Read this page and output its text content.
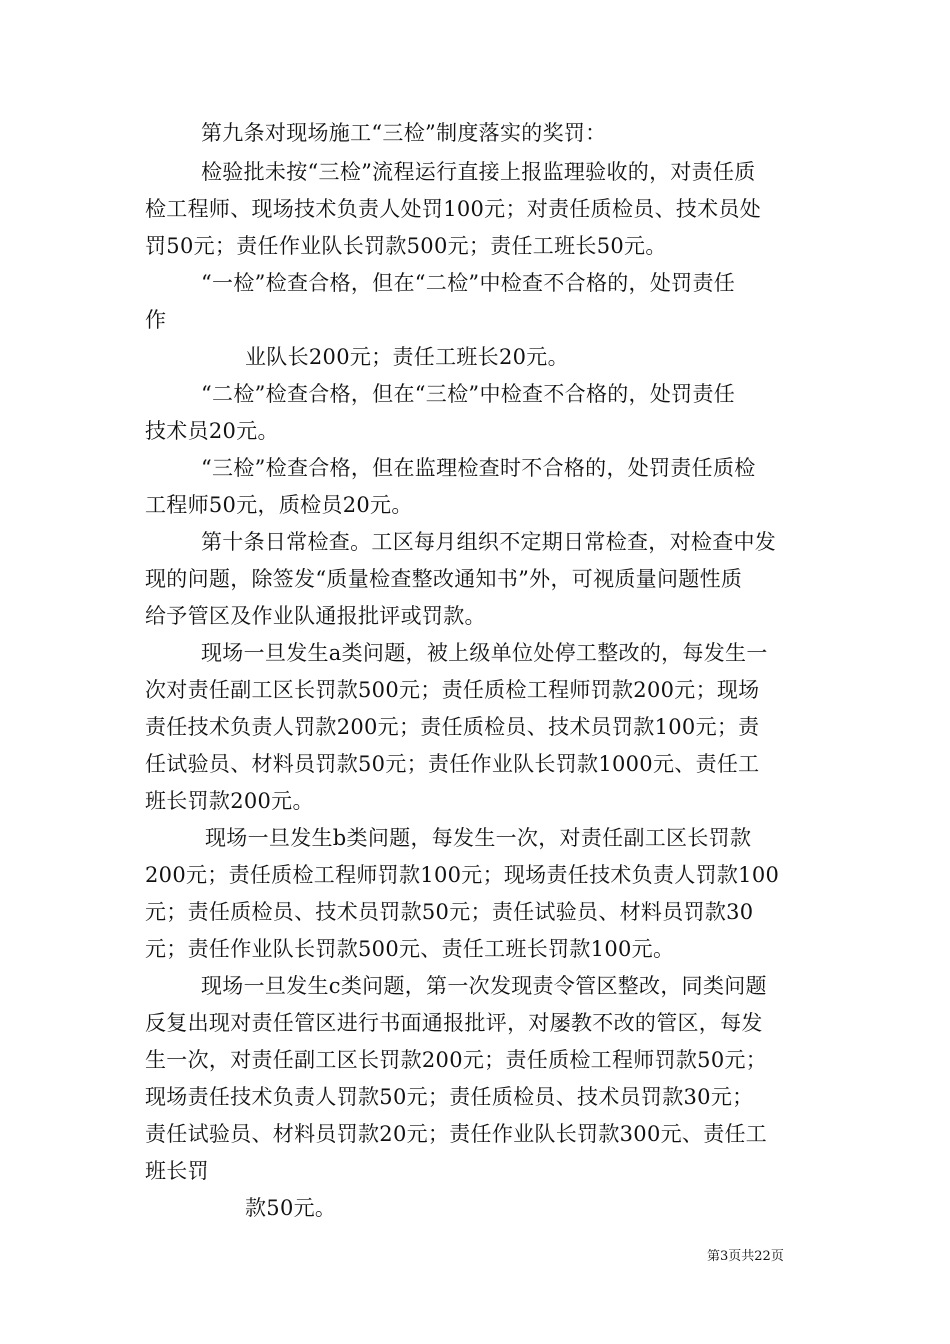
第九条对现场施工“三检”制度落实的奖罚：
检验批未按“三检”流程运行直接上报监理验收的，对责任质
检工程师、现场技术负责人处罚100元；对责任质检员、技术员处
罚50元；责任作业队长罚款500元；责任工班长50元。
“一检”检查合格，但在“二检”中检查不合格的，处罚责任
作
业队长200元；责任工班长20元。
“二检”检查合格，但在“三检”中检查不合格的，处罚责任
技术员20元。
“三检”检查合格，但在监理检查时不合格的，处罚责任质检
工程师50元，质检员20元。
第十条日常检查。工区每月组织不定期日常检查，对检查中发
现的问题，除签发“质量检查整改通知书”外，可视质量问题性质
给予管区及作业队通报批评或罚款。
现场一旦发生a类问题，被上级单位处停工整改的，每发生一
次对责任副工区长罚款500元；责任质检工程师罚款200元；现场
责任技术负责人罚款200元；责任质检员、技术员罚款100元；责
任试验员、材料员罚款50元；责任作业队长罚款1000元、责任工
班长罚款200元。
现场一旦发生b类问题，每发生一次，对责任副工区长罚款
200元；责任质检工程师罚款100元；现场责任技术负责人罚款100
元；责任质检员、技术员罚款50元；责任试验员、材料员罚款30
元；责任作业队长罚款500元、责任工班长罚款100元。
现场一旦发生c类问题，第一次发现责令管区整改，同类问题
反复出现对责任管区进行书面通报批评，对屡教不改的管区，每发
生一次，对责任副工区长罚款200元；责任质检工程师罚款50元；
现场责任技术负责人罚款50元；责任质检员、技术员罚款30元；
责任试验员、材料员罚款20元；责任作业队长罚款300元、责任工
班长罚
款50元。
第3页共22页
